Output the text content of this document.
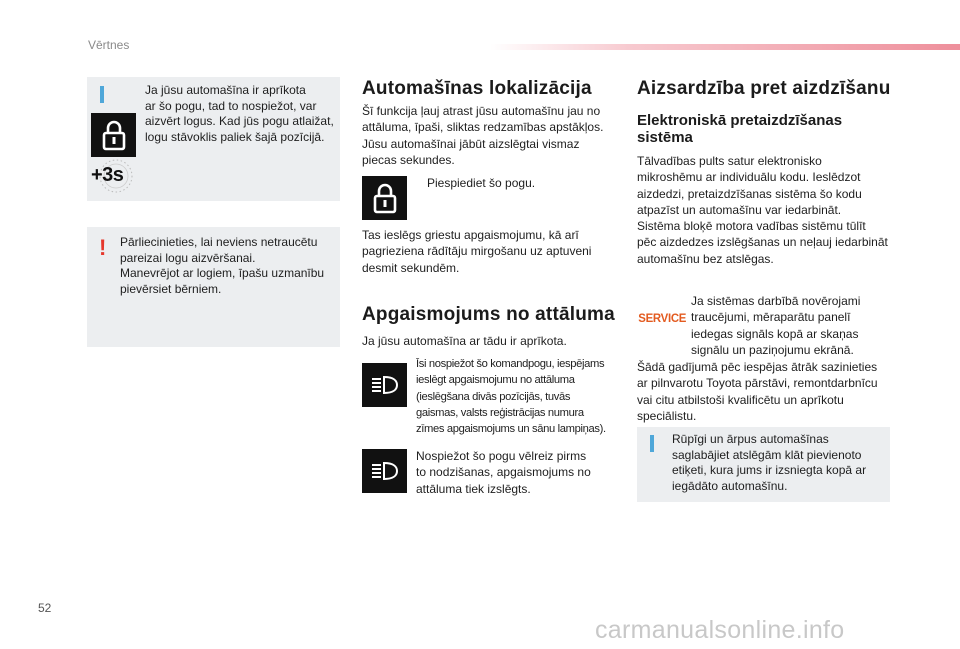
Vērtnes
Ja jūsu automašīna ir aprīkota
ar šo pogu, tad to nospiežot, var
aizvērt logus. Kad jūs pogu atlaižat,
logu stāvoklis paliek šajā pozīcijā.
+3s
! Pārliecinieties, lai neviens netraucētu
pareizai logu aizvēršanai.
Manevrējot ar logiem, īpašu uzmanību
pievērsiet bērniem.
Automašīnas lokalizācija
Šī funkcija ļauj atrast jūsu automašīnu jau no
attāluma, īpaši, sliktas redzamības apstākļos.
Jūsu automašīnai jābūt aizslēgtai vismaz
piecas sekundes.
Piespiediet šo pogu.
Tas ieslēgs griestu apgaismojumu, kā arī
pagrieziena rādītāju mirgošanu uz aptuveni
desmit sekundēm.
Apgaismojums no attāluma
Ja jūsu automašīna ar tādu ir aprīkota.
Īsi nospiežot šo komandpogu, iespējams
ieslēgt apgaismojumu no attāluma
(ieslēgšana divās pozīcijās, tuvās
gaismas, valsts reģistrācijas numura
zīmes apgaismojums un sānu lampiņas).
Nospiežot šo pogu vēlreiz pirms
to nodzišanas, apgaismojums no
attāluma tiek izslēgts.
Aizsardzība pret aizdzīšanu
Elektroniskā pretaizdzīšanas
sistēma
Tālvadības pults satur elektronisko
mikroshēmu ar individuālu kodu. Ieslēdzot
aizdedzi, pretaizdzīšanas sistēma šo kodu
atpazīst un automašīnu var iedarbināt.
Sistēma bloķē motora vadības sistēmu tūlīt
pēc aizdedzes izslēgšanas un neļauj iedarbināt
automašīnu bez atslēgas.
SERVICE
Ja sistēmas darbībā novērojami
traucējumi, mēraparātu panelī
iedegas signāls kopā ar skaņas
signālu un paziņojumu ekrānā.
Šādā gadījumā pēc iespējas ātrāk sazinieties
ar pilnvarotu Toyota pārstāvi, remontdarbnīcu
vai citu atbilstoši kvalificētu un aprīkotu
speciālistu.
Rūpīgi un ārpus automašīnas
saglabājiet atslēgām klāt pievienoto
etiķeti, kura jums ir izsniegta kopā ar
iegādāto automašīnu.
52
carmanualsonline.info
